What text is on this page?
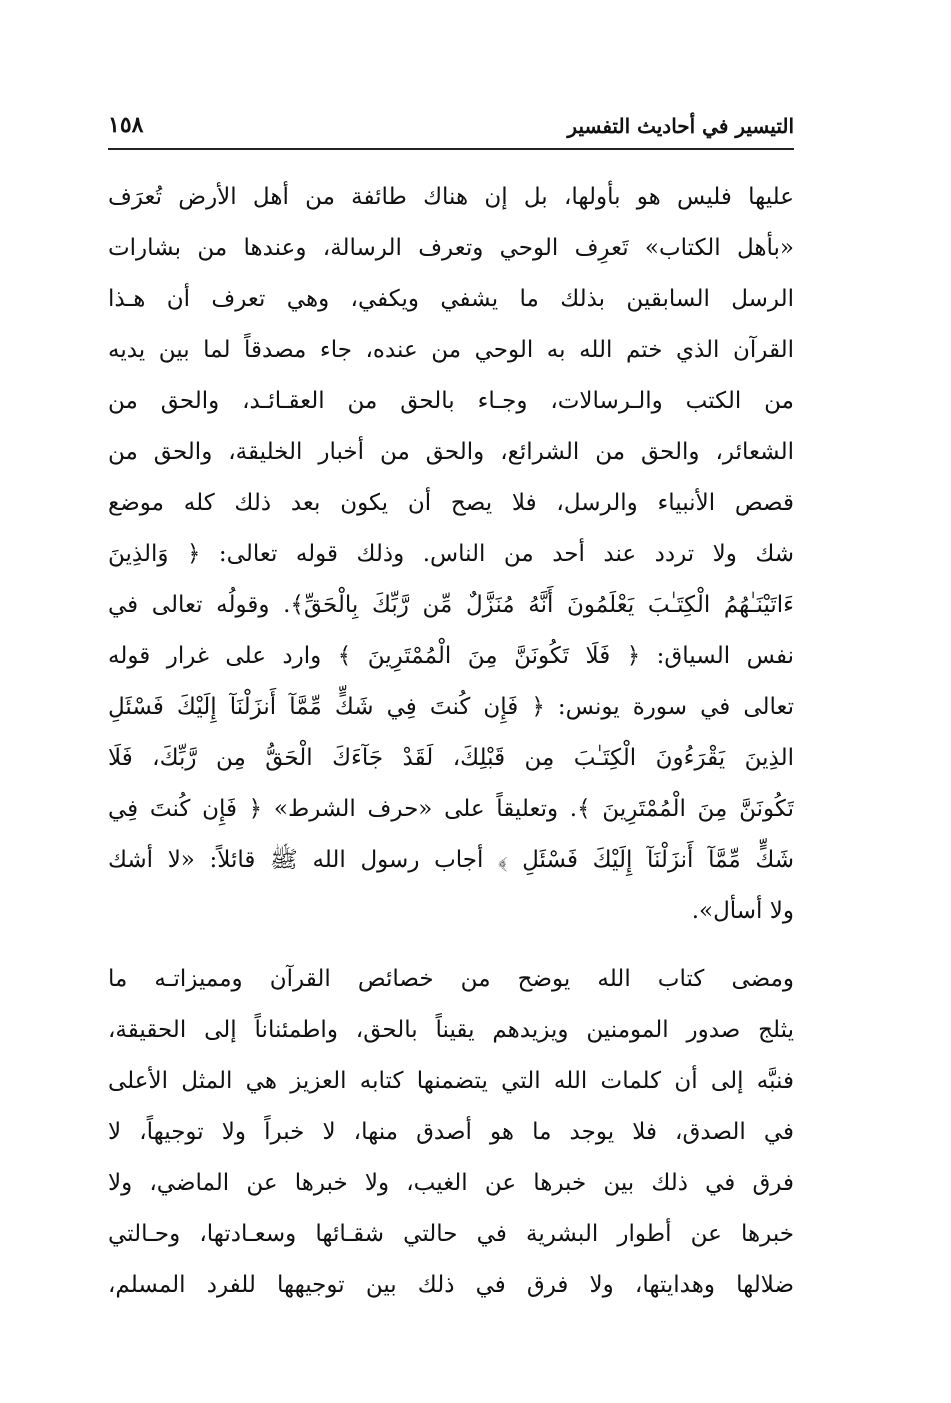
التيسير في أحاديث التفسير
١٥٨
عليها فليس هو بأولها، بل إن هناك طائفة من أهل الأرض تُعرَف
«بأهل الكتاب» تَعرِف الوحي وتعرف الرسالة، وعندها من بشارات
الرسل السابقين بذلك ما يشفي ويكفي، وهي تعرف أن هـذا
القرآن الذي ختم الله به الوحي من عنده، جاء مصدقاً لما بين يديه
من الكتب والـرسالات، وجـاء بالحق من العقـائـد، والحق من
الشعائر، والحق من الشرائع، والحق من أخبار الخليقة، والحق من
قصص الأنبياء والرسل، فلا يصح أن يكون بعد ذلك كله موضع
شك ولا تردد عند أحد من الناس. وذلك قوله تعالى: ﴿ وَالذِينَ
ءَاتَيْنَـٰهُمُ الْكِتَـٰبَ يَعْلَمُونَ أَنَّهُ مُنَزَّلٌ مِّن رَّبِّكَ بِالْحَقِّ﴾. وقولُه تعالى في
نفس السياق: ﴿ فَلَا تَكُونَنَّ مِنَ الْمُمْتَرِينَ ﴾ وارد على غرار قوله
تعالى في سورة يونس: ﴿ فَإِن كُنتَ فِي شَكٍّ مِّمَّآ أَنزَلْنَآ إِلَيْكَ فَسْئَلِ
الذِينَ يَقْرَءُونَ الْكِتَـٰبَ مِن قَبْلِكَ، لَقَدْ جَآءَكَ الْحَقُّ مِن رَّبِّكَ، فَلَا
تَكُونَنَّ مِنَ الْمُمْتَرِينَ ﴾. وتعليقاً على «حرف الشرط» ﴿ فَإِن كُنتَ فِي
شَكٍّ مِّمَّآ أَنزَلْنَآ إِلَيْكَ فَسْئَلِ ﴾ أجاب رسول الله ﷺ قائلاً: «لا أشك
ولا أسأل».
ومضى كتاب الله يوضح من خصائص القرآن ومميزاتـه ما
يثلج صدور المومنين ويزيدهم يقيناً بالحق، واطمئناناً إلى الحقيقة،
فنبَّه إلى أن كلمات الله التي يتضمنها كتابه العزيز هي المثل الأعلى
في الصدق، فلا يوجد ما هو أصدق منها، لا خبراً ولا توجيهاً، لا
فرق في ذلك بين خبرها عن الغيب، ولا خبرها عن الماضي، ولا
خبرها عن أطوار البشرية في حالتي شقـائها وسعـادتها، وحـالتي
ضلالها وهدايتها، ولا فرق في ذلك بين توجيهها للفرد المسلم،
